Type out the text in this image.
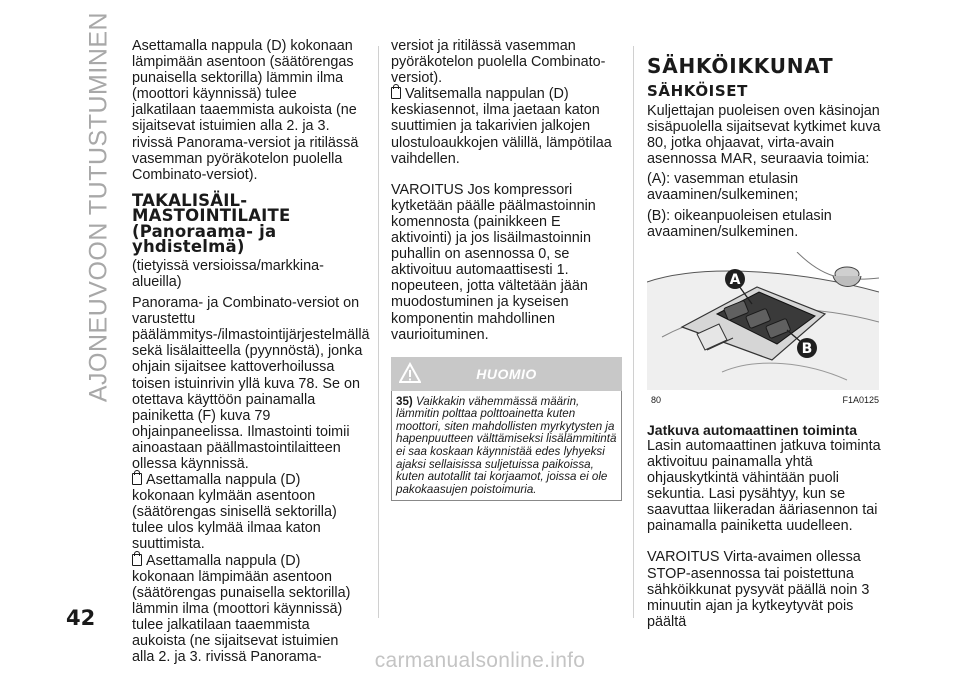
AJONEUVOON TUTUSTUMINEN
42

Asettamalla nappula (D) kokonaan lämpimään asentoon (säätörengas punaisella sektorilla) lämmin ilma (moottori käynnissä) tulee jalkatilaan taaemmista aukoista (ne sijaitsevat istuimien alla 2. ja 3. rivissä Panorama-versiot ja ritilässä vasemman pyöräkotelon puolella Combinato-versiot).

TAKALISÄIL-

MASTOINTILAITE

(Panoraama- ja

yhdistelmä)

(tietyissä versioissa/markkina-alueilla)

Panorama- ja Combinato-versiot on varustettu päälämmitys-/ilmastointijärjestelmällä sekä lisälaitteella (pyynnöstä), jonka ohjain sijaitsee kattoverhoilussa toisen istuinrivin yllä kuva 78. Se on otettava käyttöön painamalla painiketta (F) kuva 79 ohjainpaneelissa. Ilmastointi toimii ainoastaan päällmastointilaitteen ollessa käynnissä.

Asettamalla nappula (D) kokonaan kylmään asentoon (säätörengas sinisellä sektorilla) tulee ulos kylmää ilmaa katon suuttimista.

Asettamalla nappula (D) kokonaan lämpimään asentoon (säätörengas punaisella sektorilla) lämmin ilma (moottori käynnissä) tulee jalkatilaan taaemmista aukoista (ne sijaitsevat istuimien alla 2. ja 3. rivissä Panorama-

versiot ja ritilässä vasemman pyöräkotelon puolella Combinato-versiot).

Valitsemalla nappulan (D) keskiasennot, ilma jaetaan katon suuttimien ja takarivien jalkojen ulostuloaukkojen välillä, lämpötilaa vaihdellen.

VAROITUS Jos kompressori kytketään päälle päälmastoinnin komennosta (painikkeen E aktivointi) ja jos lisäilmastoinnin puhallin on asennossa 0, se aktivoituu automaattisesti 1. nopeuteen, jotta vältetään jään muodostuminen ja kyseisen komponentin mahdollinen vaurioituminen.

HUOMIO
35) Vaikkakin vähemmässä määrin, lämmitin polttaa polttoainetta kuten moottori, siten mahdollisten myrkytysten ja hapenpuutteen välttämiseksi lisälämmitintä ei saa koskaan käynnistää edes lyhyeksi ajaksi sellaisissa suljetuissa paikoissa, kuten autotallit tai korjaamot, joissa ei ole pakokaasujen poistoimuria.

SÄHKÖIKKUNAT

SÄHKÖISET

Kuljettajan puoleisen oven käsinojan sisäpuolella sijaitsevat kytkimet kuva 80, jotka ohjaavat, virta-avain asennossa MAR, seuraavia toimia:

(A): vasemman etulasin avaaminen/sulkeminen;

(B): oikeanpuoleisen etulasin avaaminen/sulkeminen.

A
B
80	F1A0125

Jatkuva automaattinen toiminta

Lasin automaattinen jatkuva toiminta aktivoituu painamalla yhtä ohjauskytkintä vähintään puoli sekuntia. Lasi pysähtyy, kun se saavuttaa liikeradan ääriasennon tai painamalla painiketta uudelleen.

VAROITUS Virta-avaimen ollessa STOP-asennossa tai poistettuna sähköikkunat pysyvät päällä noin 3 minuutin ajan ja kytkeytyvät pois päältä

carmanualsonline.info
